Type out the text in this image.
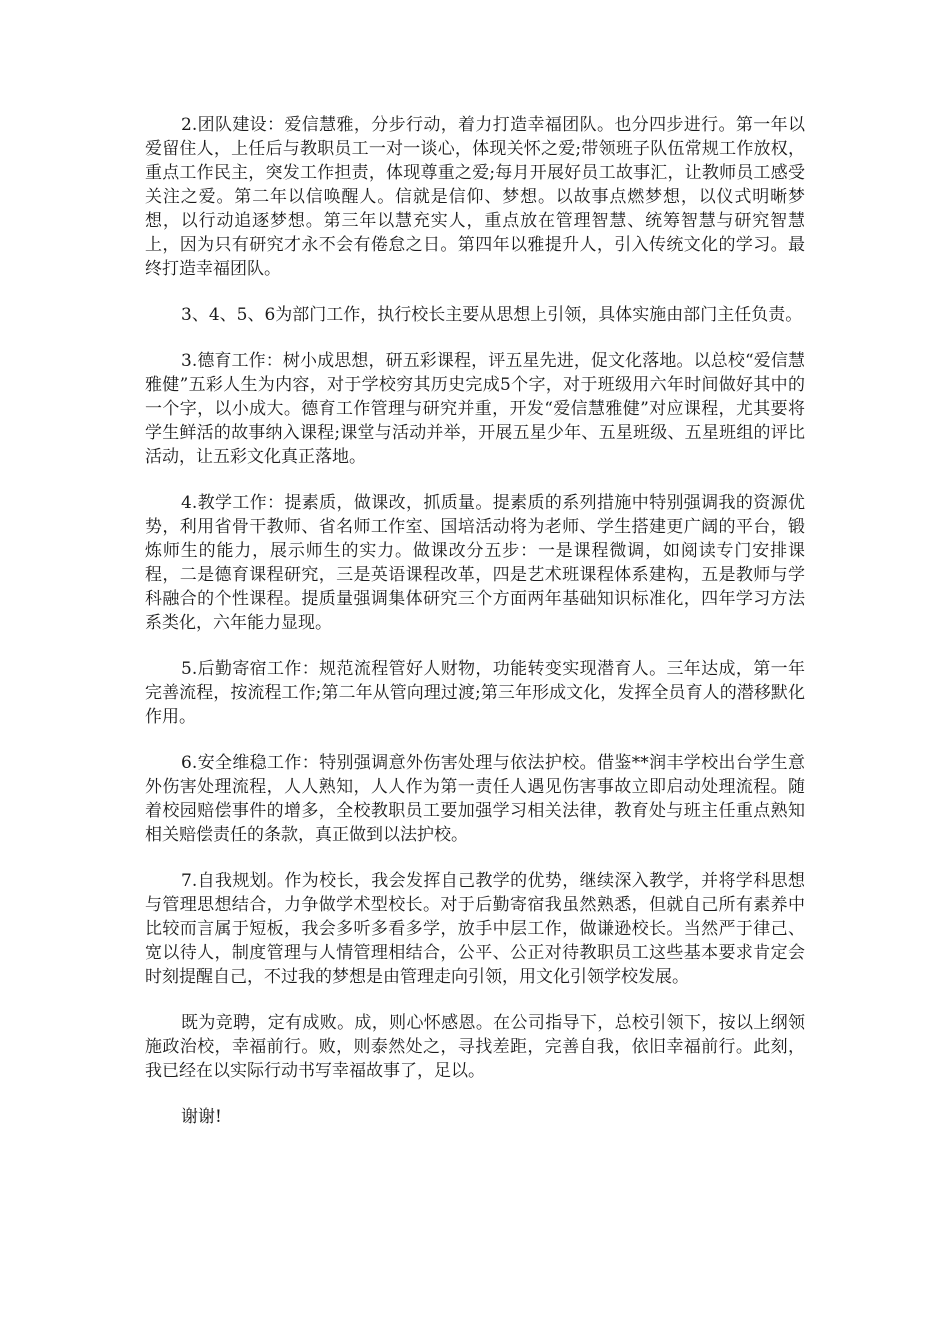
2.团队建设：爱信慧雅，分步行动，着力打造幸福团队。也分四步进行。第一年以爱留住人，上任后与教职员工一对一谈心，体现关怀之爱;带领班子队伍常规工作放权，重点工作民主，突发工作担责，体现尊重之爱;每月开展好员工故事汇，让教师员工感受关注之爱。第二年以信唤醒人。信就是信仰、梦想。以故事点燃梦想，以仪式明晰梦想，以行动追逐梦想。第三年以慧充实人，重点放在管理智慧、统筹智慧与研究智慧上，因为只有研究才永不会有倦怠之日。第四年以雅提升人，引入传统文化的学习。最终打造幸福团队。

3、4、5、6为部门工作，执行校长主要从思想上引领，具体实施由部门主任负责。

3.德育工作：树小成思想，研五彩课程，评五星先进，促文化落地。以总校“爱信慧雅健”五彩人生为内容，对于学校穷其历史完成5个字，对于班级用六年时间做好其中的一个字，以小成大。德育工作管理与研究并重，开发“爱信慧雅健”对应课程，尤其要将学生鲜活的故事纳入课程;课堂与活动并举，开展五星少年、五星班级、五星班组的评比活动，让五彩文化真正落地。

4.教学工作：提素质，做课改，抓质量。提素质的系列措施中特别强调我的资源优势，利用省骨干教师、省名师工作室、国培活动将为老师、学生搭建更广阔的平台，锻炼师生的能力，展示师生的实力。做课改分五步：一是课程微调，如阅读专门安排课程，二是德育课程研究，三是英语课程改革，四是艺术班课程体系建构，五是教师与学科融合的个性课程。提质量强调集体研究三个方面两年基础知识标准化，四年学习方法系类化，六年能力显现。

5.后勤寄宿工作：规范流程管好人财物，功能转变实现潜育人。三年达成，第一年完善流程，按流程工作;第二年从管向理过渡;第三年形成文化，发挥全员育人的潜移默化作用。

6.安全维稳工作：特别强调意外伤害处理与依法护校。借鉴**润丰学校出台学生意外伤害处理流程，人人熟知，人人作为第一责任人遇见伤害事故立即启动处理流程。随着校园赔偿事件的增多，全校教职员工要加强学习相关法律，教育处与班主任重点熟知相关赔偿责任的条款，真正做到以法护校。

7.自我规划。作为校长，我会发挥自己教学的优势，继续深入教学，并将学科思想与管理思想结合，力争做学术型校长。对于后勤寄宿我虽然熟悉，但就自己所有素养中比较而言属于短板，我会多听多看多学，放手中层工作，做谦逊校长。当然严于律己、宽以待人，制度管理与人情管理相结合，公平、公正对待教职员工这些基本要求肯定会时刻提醒自己，不过我的梦想是由管理走向引领，用文化引领学校发展。

既为竞聘，定有成败。成，则心怀感恩。在公司指导下，总校引领下，按以上纲领施政治校，幸福前行。败，则泰然处之，寻找差距，完善自我，依旧幸福前行。此刻，我已经在以实际行动书写幸福故事了，足以。

谢谢!
